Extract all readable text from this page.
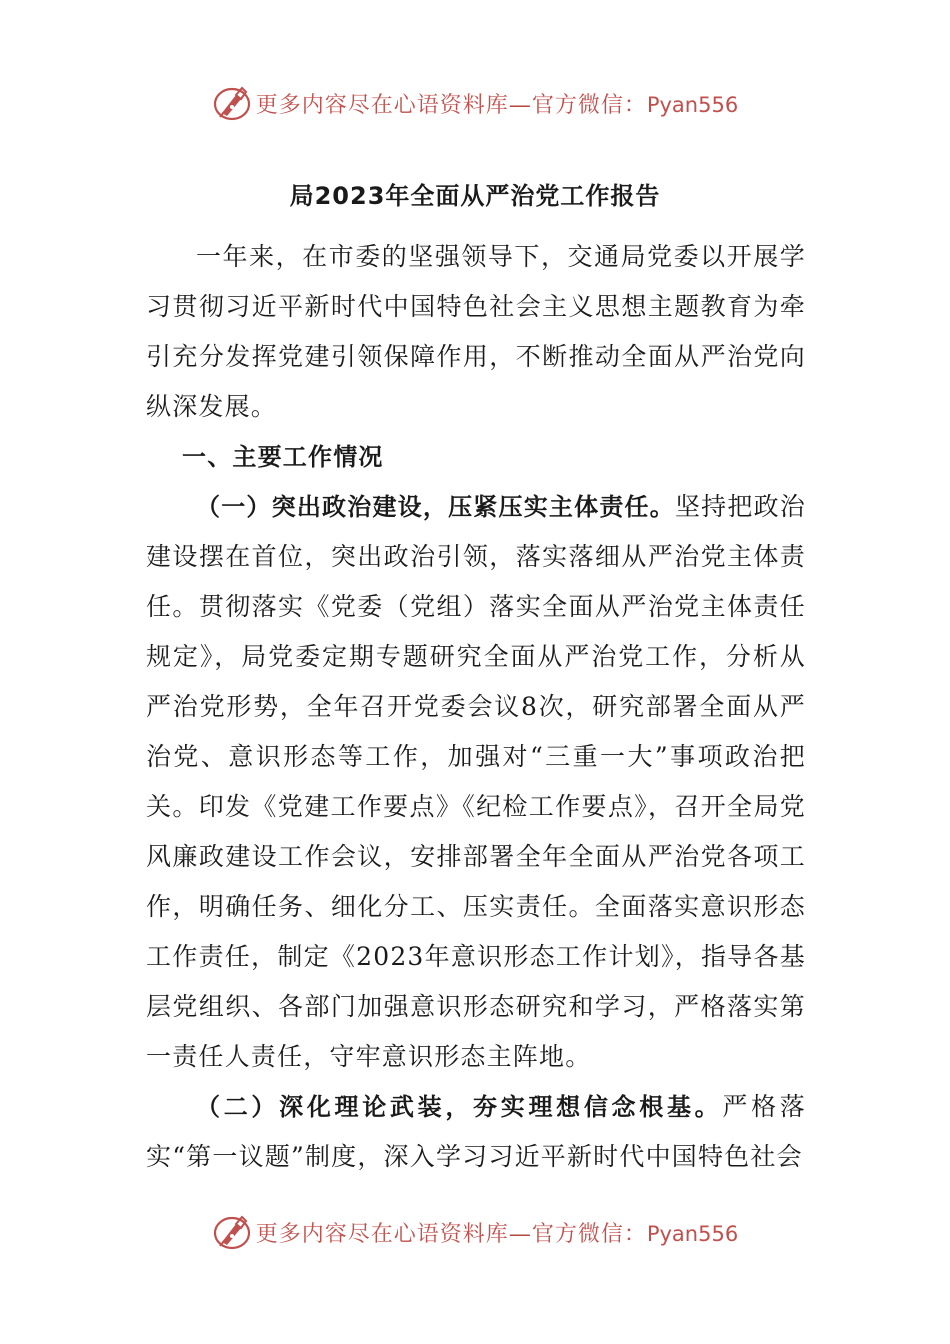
更多内容尽在心语资料库—官方微信：Pyan556
局2023年全面从严治党工作报告

一年来，在市委的坚强领导下，交通局党委以开展学习贯彻习近平新时代中国特色社会主义思想主题教育为牵引充分发挥党建引领保障作用，不断推动全面从严治党向纵深发展。

一、主要工作情况

（一）突出政治建设，压紧压实主体责任。坚持把政治建设摆在首位，突出政治引领，落实落细从严治党主体责任。贯彻落实《党委（党组）落实全面从严治党主体责任规定》，局党委定期专题研究全面从严治党工作，分析从严治党形势，全年召开党委会议8次，研究部署全面从严治党、意识形态等工作，加强对“三重一大”事项政治把关。印发《党建工作要点》《纪检工作要点》，召开全局党风廉政建设工作会议，安排部署全年全面从严治党各项工作，明确任务、细化分工、压实责任。全面落实意识形态工作责任，制定《2023年意识形态工作计划》，指导各基层党组织、各部门加强意识形态研究和学习，严格落实第一责任人责任，守牢意识形态主阵地。

（二）深化理论武装，夯实理想信念根基。严格落实“第一议题”制度，深入学习习近平新时代中国特色社会

更多内容尽在心语资料库—官方微信：Pyan556
